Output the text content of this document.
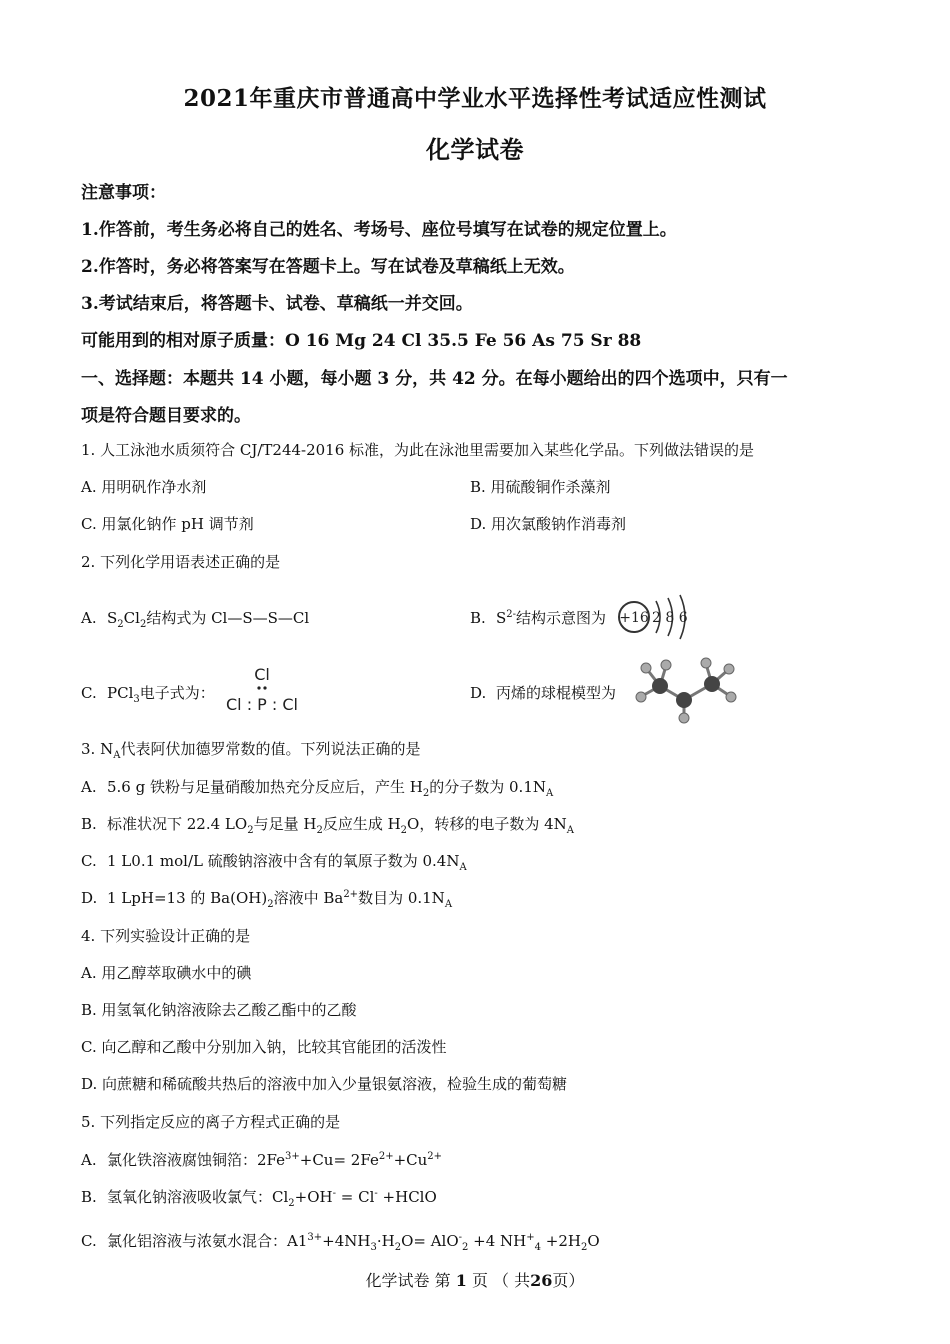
2021年重庆市普通高中学业水平选择性考试适应性测试
化学试卷
注意事项：
1.作答前，考生务必将自己的姓名、考场号、座位号填写在试卷的规定位置上。
2.作答时，务必将答案写在答题卡上。写在试卷及草稿纸上无效。
3.考试结束后，将答题卡、试卷、草稿纸一并交回。
可能用到的相对原子质量：O 16 Mg 24 Cl 35.5 Fe 56 As 75 Sr 88
一、选择题：本题共 14 小题，每小题 3 分，共 42 分。在每小题给出的四个选项中，只有一
项是符合题目要求的。
1. 人工泳池水质须符合 CJ/T244-2016 标准，为此在泳池里需要加入某些化学品。下列做法错误的是
A. 用明矾作净水剂	B. 用硫酸铜作杀藻剂
C. 用氯化钠作 pH 调节剂	D. 用次氯酸钠作消毒剂
2. 下列化学用语表述正确的是
A. $S_2Cl_2$结构式为 Cl—S—S—Cl	B. $S^{2-}$结构示意图为 +16 2 8 6
C. PCl$_3$电子式为：
Cl
Cl : P : Cl
D. 丙烯的球棍模型为
3. $N_A$代表阿伏加德罗常数的值。下列说法正确的是
A. 5.6 g 铁粉与足量硝酸加热充分反应后，产生 $H_2$的分子数为 $0.1N_A$
B. 标准状况下 22.4 $LO_2$与足量 $H_2$反应生成 $H_2O$，转移的电子数为 $4N_A$
C. 1 L0.1 mol/L 硫酸钠溶液中含有的氧原子数为 $0.4N_A$
D. 1 LpH=13 的 $Ba(OH)_2$溶液中 $Ba^{2+}$数目为 $0.1N_A$
4. 下列实验设计正确的是
A. 用乙醇萃取碘水中的碘
B. 用氢氧化钠溶液除去乙酸乙酯中的乙酸
C. 向乙醇和乙酸中分别加入钠，比较其官能团的活泼性
D. 向蔗糖和稀硫酸共热后的溶液中加入少量银氨溶液，检验生成的葡萄糖
5. 下列指定反应的离子方程式正确的是
A. 氯化铁溶液腐蚀铜箔：$2Fe^{3+}+Cu= 2Fe^{2+}+Cu^{2+}$
B. 氢氧化钠溶液吸收氯气：$Cl_2+OH^- = Cl^-$ +HClO
C. 氯化铝溶液与浓氨水混合：$A1^{3+}+4NH_3\cdot H_2O= AlO^-_2 +4$ $NH^+_4 +2H_2O$
化学试卷 第 1 页 （ 共26页）
